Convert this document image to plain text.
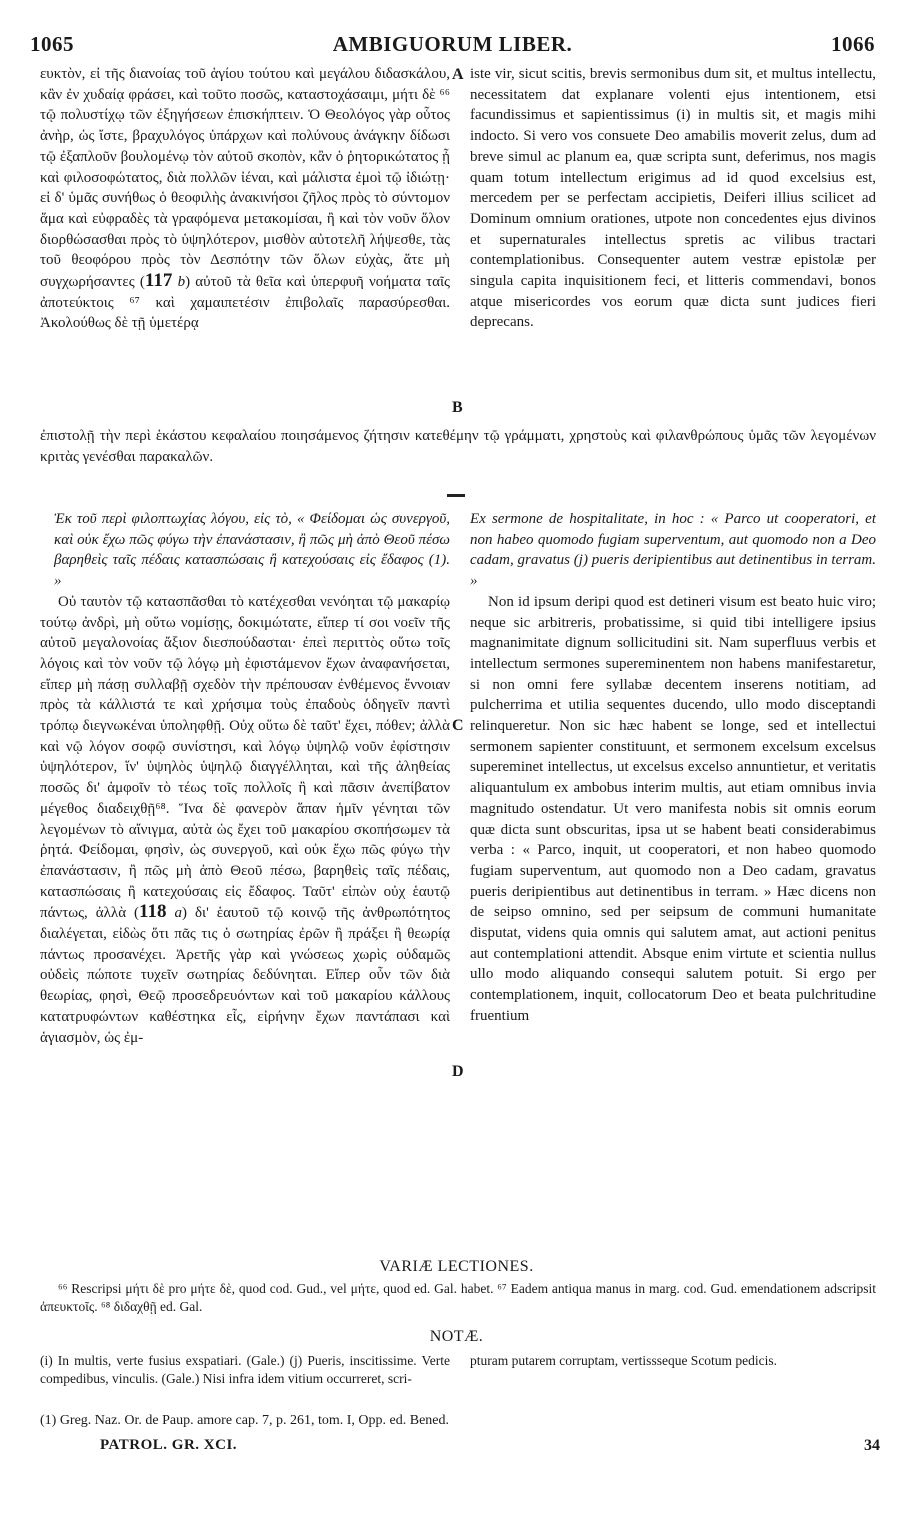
1065	AMBIGUORUM LIBER.	1066

ευκτὸν, εἰ τῆς διανοίας τοῦ ἁγίου τούτου καὶ μεγάλου διδασκάλου, κἂν ἐν χυδαίᾳ φράσει, καὶ τοῦτο ποσῶς, καταστοχάσαιμι, μήτι δὲ ⁶⁶ τῷ πολυστίχῳ τῶν ἐξηγήσεων ἐπισκήπτειν. Ὁ Θεολόγος γὰρ οὗτος ἀνὴρ, ὡς ἴστε, βραχυλόγος ὑπάρχων καὶ πολύνους ἀνάγκην δίδωσι τῷ ἐξαπλοῦν βουλομένῳ τὸν αὐτοῦ σκοπὸν, κἂν ὁ ῥητορικώτατος ᾖ καὶ φιλοσοφώτατος, διὰ πολλῶν ἰέναι, καὶ μάλιστα ἐμοὶ τῷ ἰδιώτῃ· εἰ δ' ὑμᾶς συνήθως ὁ θεοφιλὴς ἀνακινήσοι ζῆλος πρὸς τὸ σύντομον ἅμα καὶ εὐφραδὲς τὰ γραφόμενα μετακομίσαι, ἢ καὶ τὸν νοῦν ὅλον διορθώσασθαι πρὸς τὸ ὑψηλότερον, μισθὸν αὐτοτελῆ λήψεσθε, τὰς τοῦ θεοφόρου πρὸς τὸν Δεσπότην τῶν ὅλων εὐχὰς, ἅτε μὴ συγχωρήσαντες (117 b) αὐτοῦ τὰ θεῖα καὶ ὑπερφυῆ νοήματα ταῖς ἀποτεύκτοις ⁶⁷ καὶ χαμαιπετέσιν ἐπιβολαῖς παρασύρεσθαι. Ἀκολούθως δὲ τῇ ὑμετέρᾳ

A
B

iste vir, sicut scitis, brevis sermonibus dum sit, et multus intellectu, necessitatem dat explanare volenti ejus intentionem, etsi facundissimus et sapientissimus (i) in multis sit, et magis mihi indocto. Si vero vos consuete Deo amabilis moverit zelus, dum ad breve simul ac planum ea, quæ scripta sunt, deferimus, nos magis quam totum intellectum erigimus ad id quod excelsius est, mercedem per se perfectam accipietis, Deiferi illius scilicet ad Dominum omnium orationes, utpote non concedentes ejus divinos et supernaturales intellectus spretis ac vilibus tractari contemplationibus. Consequenter autem vestræ epistolæ per singula capita inquisitionem feci, et litteris commendavi, bonos atque misericordes vos eorum quæ dicta sunt judices fieri deprecans.

ἐπιστολῇ τὴν περὶ ἑκάστου κεφαλαίου ποιησάμενος ζήτησιν κατεθέμην τῷ γράμματι, χρηστοὺς καὶ φιλανθρώπους ὑμᾶς τῶν λεγομένων κριτὰς γενέσθαι παρακαλῶν.

Ἐκ τοῦ περὶ φιλοπτωχίας λόγου, εἰς τὸ, « Φείδομαι ὡς συνεργοῦ, καὶ οὐκ ἔχω πῶς φύγω τὴν ἐπανάστασιν, ἢ πῶς μὴ ἀπὸ Θεοῦ πέσω βαρηθεὶς ταῖς πέδαις κατασπώσαις ἢ κατεχούσαις εἰς ἔδαφος (1). »

Οὐ ταυτὸν τῷ κατασπᾶσθαι τὸ κατέχεσθαι νενόηται τῷ μακαρίῳ τούτῳ ἀνδρὶ, μὴ οὕτω νομίσῃς, δοκιμώτατε, εἴπερ τί σοι νοεῖν τῆς αὐτοῦ μεγαλονοίας ἄξιον διεσπούδασται· ἐπεὶ περιττὸς οὕτω τοῖς λόγοις καὶ τὸν νοῦν τῷ λόγῳ μὴ ἐφιστάμενον ἔχων ἀναφανήσεται, εἴπερ μὴ πάσῃ συλλαβῇ σχεδὸν τὴν πρέπουσαν ἐνθέμενος ἔννοιαν πρὸς τὰ κάλλιστά τε καὶ χρήσιμα τοὺς ἐπαδοὺς ὁδηγεῖν παντὶ τρόπῳ διεγνωκέναι ὑποληφθῇ. Οὐχ οὕτω δὲ ταῦτ' ἔχει, πόθεν; ἀλλὰ καὶ νῷ λόγον σοφῷ συνίστησι, καὶ λόγῳ ὑψηλῷ νοῦν ἐφίστησιν ὑψηλότερον, ἵν' ὑψηλὸς ὑψηλῷ διαγγέλληται, καὶ τῆς ἀληθείας ποσῶς δι' ἀμφοῖν τὸ τέως τοῖς πολλοῖς ἢ καὶ πᾶσιν ἀνεπίβατον μέγεθος διαδειχθῇ⁶⁸. Ἵνα δὲ φανερὸν ἅπαν ἡμῖν γένηται τῶν λεγομένων τὸ αἴνιγμα, αὐτὰ ὡς ἔχει τοῦ μακαρίου σκοπήσωμεν τὰ ῥητά. Φείδομαι, φησὶν, ὡς συνεργοῦ, καὶ οὐκ ἔχω πῶς φύγω τὴν ἐπανάστασιν, ἢ πῶς μὴ ἀπὸ Θεοῦ πέσω, βαρηθεὶς ταῖς πέδαις, κατασπώσαις ἢ κατεχούσαις εἰς ἔδαφος. Ταῦτ' εἰπὼν οὐχ ἑαυτῷ πάντως, ἀλλὰ (118 a) δι' ἑαυτοῦ τῷ κοινῷ τῆς ἀνθρωπότητος διαλέγεται, εἰδὼς ὅτι πᾶς τις ὁ σωτηρίας ἐρῶν ἢ πράξει ἢ θεωρίᾳ πάντως προσανέχει. Ἀρετῆς γὰρ καὶ γνώσεως χωρὶς οὐδαμῶς οὐδεὶς πώποτε τυχεῖν σωτηρίας δεδύνηται. Εἴπερ οὖν τῶν διὰ θεωρίας, φησὶ, Θεῷ προσεδρευόντων καὶ τοῦ μακαρίου κάλλους κατατρυφώντων καθέστηκα εἷς, εἰρήνην ἔχων παντάπασι καὶ ἁγιασμὸν, ὡς ἐμ-

C
D

Ex sermone de hospitalitate, in hoc : « Parco ut cooperatori, et non habeo quomodo fugiam superventum, aut quomodo non a Deo cadam, gravatus (j) pueris deripientibus aut detinentibus in terram. »

Non id ipsum deripi quod est detineri visum est beato huic viro; neque sic arbitreris, probatissime, si quid tibi intelligere ipsius magnanimitate dignum sollicitudini sit. Nam superfluus verbis et intellectum sermones supereminentem non habens manifestaretur, si non omni fere syllabæ decentem inserens notitiam, ad pulcherrima et utilia sequentes ducendo, ullo modo disceptandi relinqueretur. Non sic hæc habent se longe, sed et intellectui sermonem sapienter constituunt, et sermonem excelsum excelsus supereminet intellectus, ut excelsus excelso annuntietur, et veritatis aliquantulum ex ambobus interim multis, aut etiam omnibus invia magnitudo ostendatur. Ut vero manifesta nobis sit omnis eorum quæ dicta sunt obscuritas, ipsa ut se habent beati considerabimus verba : « Parco, inquit, ut cooperatori, et non habeo quomodo fugiam superventum, aut quomodo non a Deo cadam, gravatus pueris deripientibus aut detinentibus in terram. » Hæc dicens non de seipso omnino, sed per seipsum de communi humanitate disputat, videns quia omnis qui salutem amat, aut actioni penitus aut contemplationi attendit. Absque enim virtute et scientia nullus ullo modo aliquando consequi salutem potuit. Si ergo per contemplationem, inquit, collocatorum Deo et beata pulchritudine fruentium

VARIÆ LECTIONES.
⁶⁶ Rescripsi μήτι δὲ pro μήτε δὲ, quod cod. Gud., vel μήτε, quod ed. Gal. habet. ⁶⁷ Eadem antiqua manus in marg. cod. Gud. emendationem adscripsit ἀπευκτοῖς. ⁶⁸ διδαχθῇ ed. Gal.
NOTÆ.
(i) In multis, verte fusius exspatiari. (Gale.) (j) Pueris, inscitissime. Verte compedibus, vinculis. (Gale.) Nisi infra idem vitium occurreret, scri-
pturam putarem corruptam, vertissseque Scotum pedicis.
(1) Greg. Naz. Or. de Paup. amore cap. 7, p. 261, tom. I, Opp. ed. Bened.
PATROL. GR. XCI.	34
